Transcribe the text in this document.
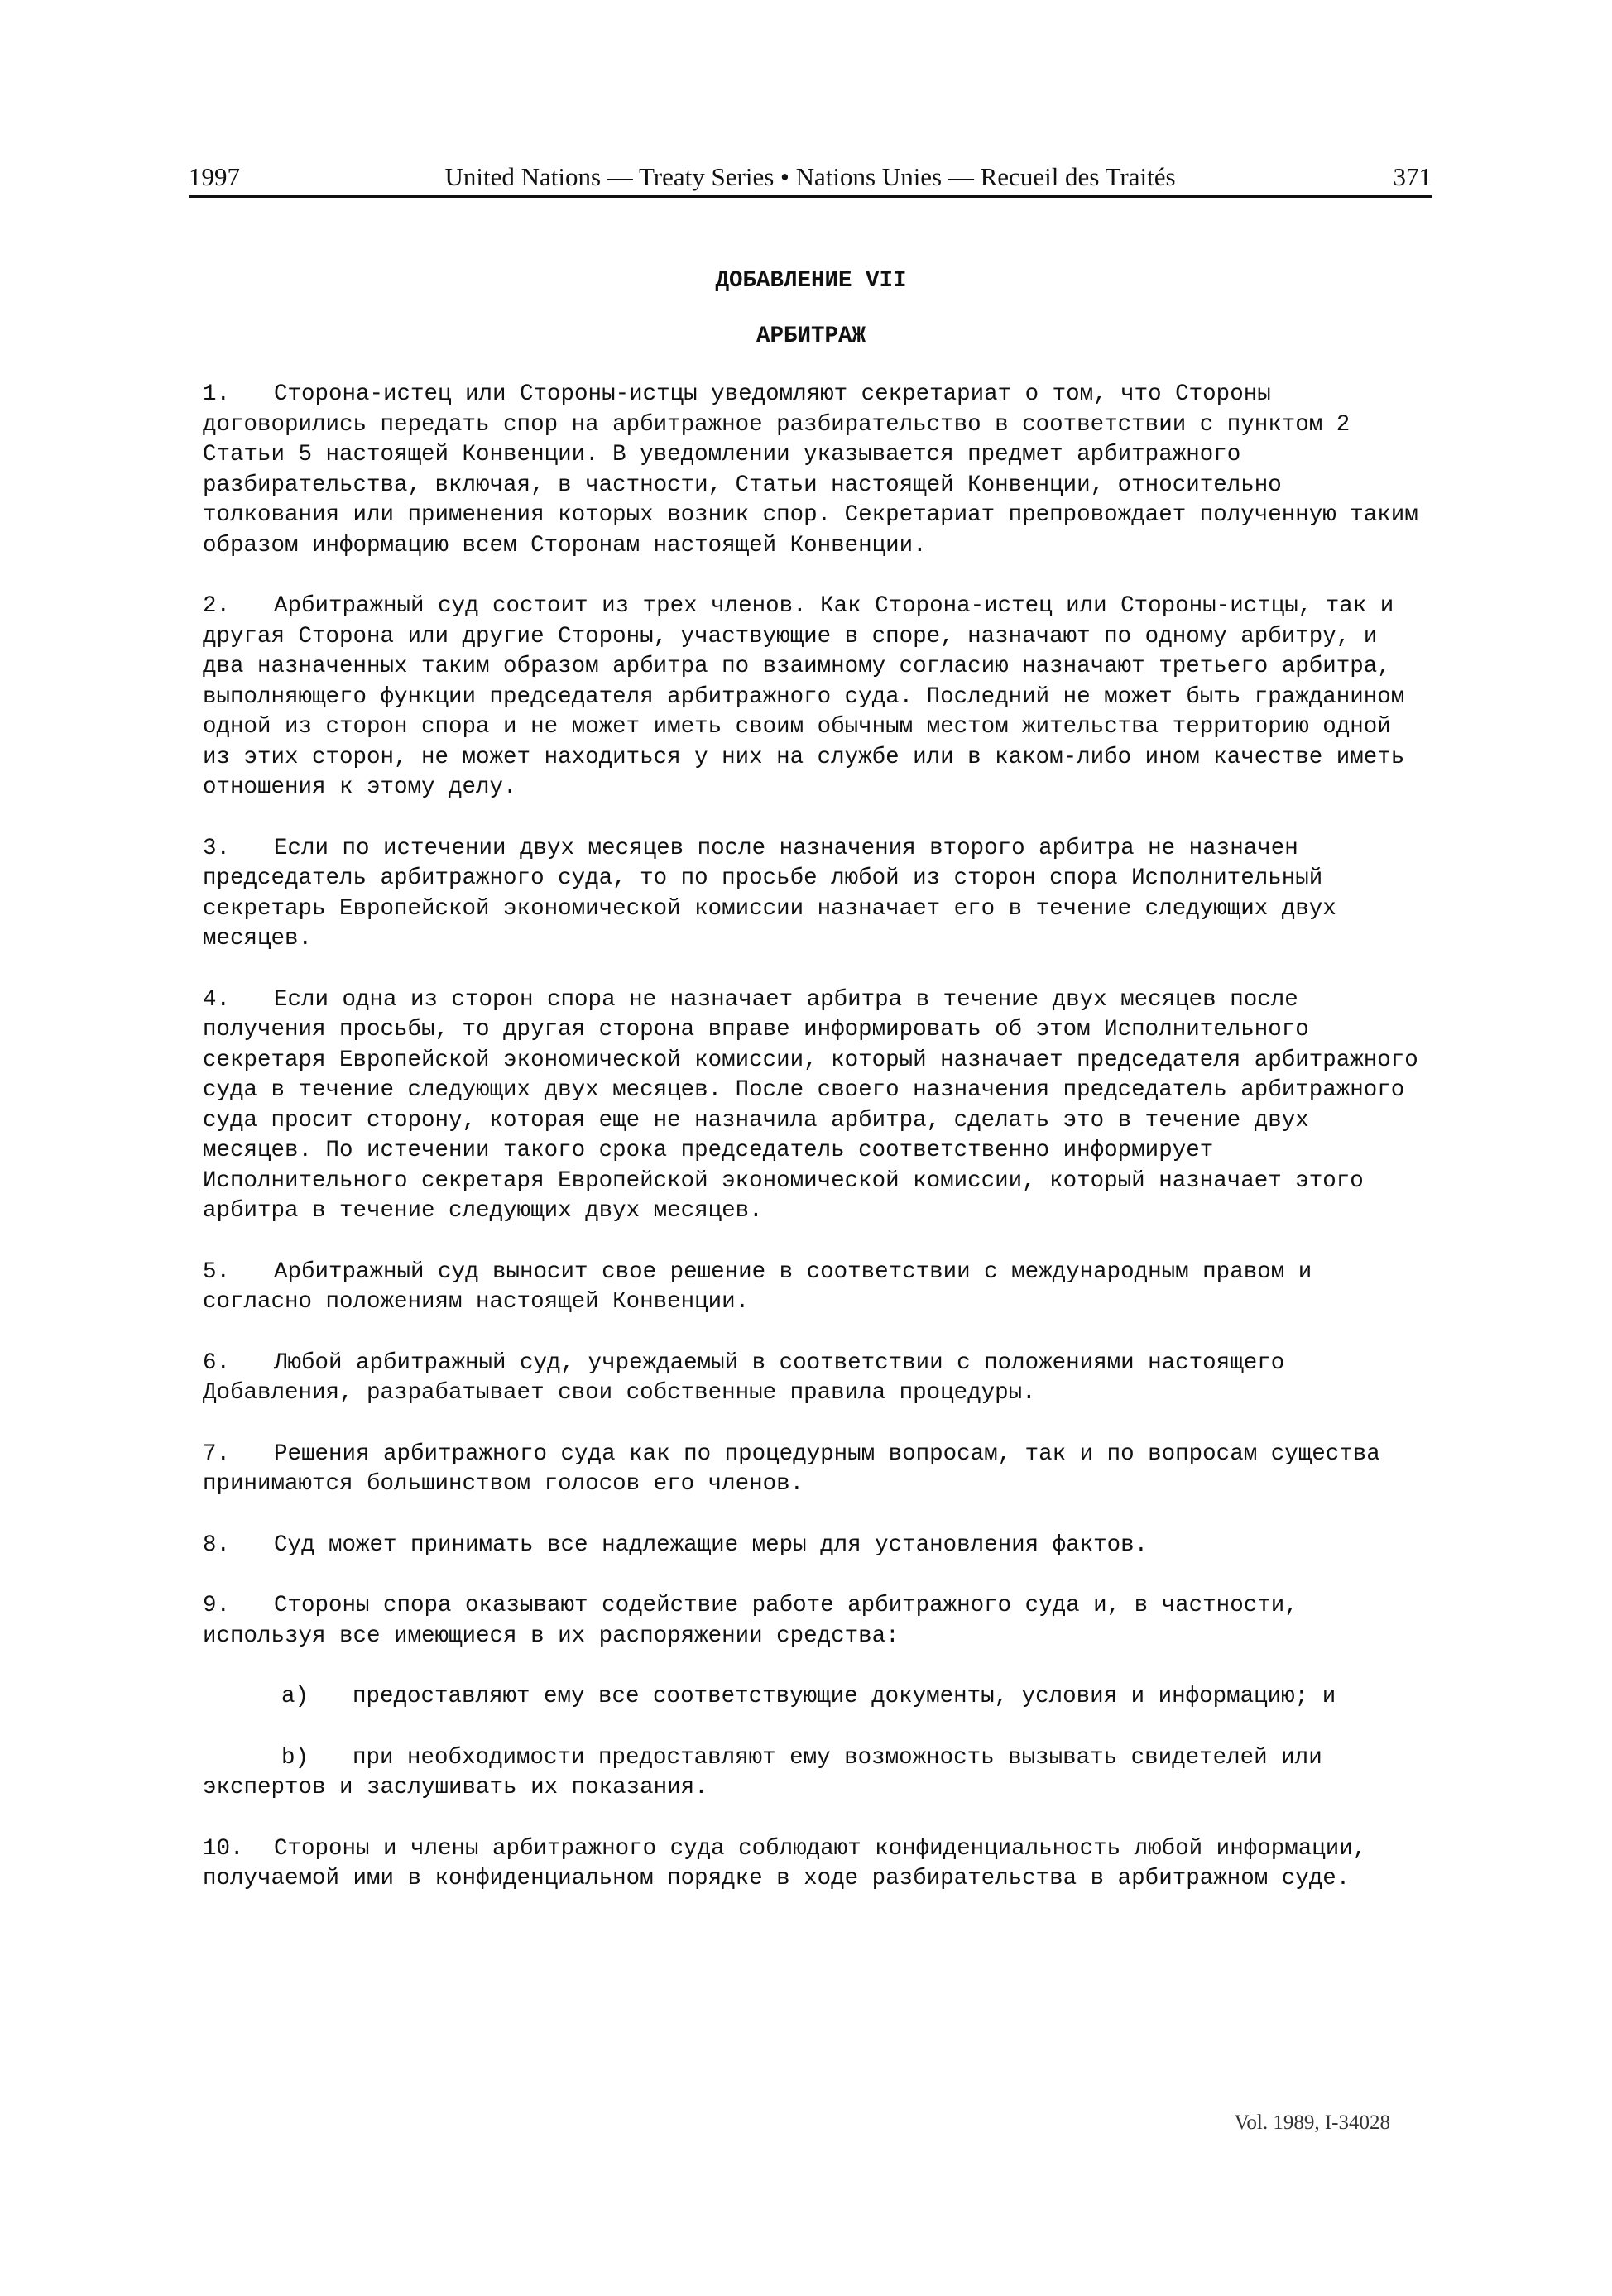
1997	United Nations — Treaty Series • Nations Unies — Recueil des Traités	371

ДОБАВЛЕНИЕ VII

АРБИТРАЖ

1. Сторона-истец или Стороны-истцы уведомляют секретариат о том, что Стороны договорились передать спор на арбитражное разбирательство в соответствии с пунктом 2 Статьи 5 настоящей Конвенции. В уведомлении указывается предмет арбитражного разбирательства, включая, в частности, Статьи настоящей Конвенции, относительно толкования или применения которых возник спор. Секретариат препровождает полученную таким образом информацию всем Сторонам настоящей Конвенции.

2. Арбитражный суд состоит из трех членов. Как Сторона-истец или Стороны-истцы, так и другая Сторона или другие Стороны, участвующие в споре, назначают по одному арбитру, и два назначенных таким образом арбитра по взаимному согласию назначают третьего арбитра, выполняющего функции председателя арбитражного суда. Последний не может быть гражданином одной из сторон спора и не может иметь своим обычным местом жительства территорию одной из этих сторон, не может находиться у них на службе или в каком-либо ином качестве иметь отношения к этому делу.

3. Если по истечении двух месяцев после назначения второго арбитра не назначен председатель арбитражного суда, то по просьбе любой из сторон спора Исполнительный секретарь Европейской экономической комиссии назначает его в течение следующих двух месяцев.

4. Если одна из сторон спора не назначает арбитра в течение двух месяцев после получения просьбы, то другая сторона вправе информировать об этом Исполнительного секретаря Европейской экономической комиссии, который назначает председателя арбитражного суда в течение следующих двух месяцев. После своего назначения председатель арбитражного суда просит сторону, которая еще не назначила арбитра, сделать это в течение двух месяцев. По истечении такого срока председатель соответственно информирует Исполнительного секретаря Европейской экономической комиссии, который назначает этого арбитра в течение следующих двух месяцев.

5. Арбитражный суд выносит свое решение в соответствии с международным правом и согласно положениям настоящей Конвенции.

6. Любой арбитражный суд, учреждаемый в соответствии с положениями настоящего Добавления, разрабатывает свои собственные правила процедуры.

7. Решения арбитражного суда как по процедурным вопросам, так и по вопросам существа принимаются большинством голосов его членов.

8. Суд может принимать все надлежащие меры для установления фактов.

9. Стороны спора оказывают содействие работе арбитражного суда и, в частности, используя все имеющиеся в их распоряжении средства:

a) предоставляют ему все соответствующие документы, условия и информацию; и

b) при необходимости предоставляют ему возможность вызывать свидетелей или экспертов и заслушивать их показания.

10. Стороны и члены арбитражного суда соблюдают конфиденциальность любой информации, получаемой ими в конфиденциальном порядке в ходе разбирательства в арбитражном суде.

Vol. 1989, I-34028
